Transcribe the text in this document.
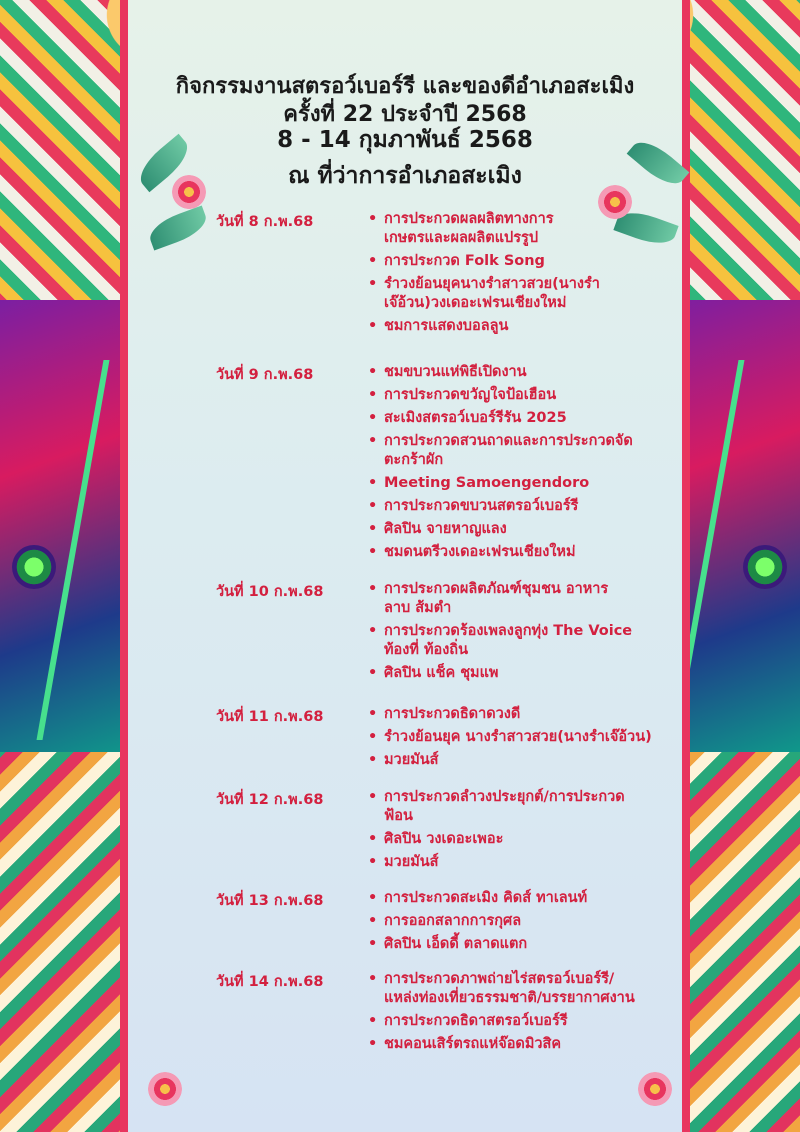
กิจกรรมงานสตรอว์เบอร์รี และของดีอำเภอสะเมิง
ครั้งที่ 22 ประจำปี 2568
8 - 14 กุมภาพันธ์ 2568
ณ ที่ว่าการอำเภอสะเมิง
วันที่ 8 ก.พ.68	• การประกวดผลผลิตทางการ
เกษตรและผลผลิตแปรรูป
• การประกวด Folk Song
• รำวงย้อนยุคนางรำสาวสวย(นางรำ
เจ๊อ้วน)วงเดอะเฟรนเชียงใหม่
• ชมการแสดงบอลลูน
วันที่ 9 ก.พ.68	• ชมขบวนแห่พิธีเปิดงาน
• การประกวดขวัญใจป้อเฮือน
• สะเมิงสตรอว์เบอร์รีรัน 2025
• การประกวดสวนถาดและการประกวดจัด
ตะกร้าผัก
• Meeting Samoengendoro
• การประกวดขบวนสตรอว์เบอร์รี
• ศิลปิน จายหาญแลง
• ชมดนตรีวงเดอะเฟรนเชียงใหม่
วันที่ 10 ก.พ.68	• การประกวดผลิตภัณฑ์ชุมชน อาหาร
ลาบ ส้มตำ
• การประกวดร้องเพลงลูกทุ่ง The Voice
ท้องที่ ท้องถิ่น
• ศิลปิน แช็ค ชุมแพ
วันที่ 11 ก.พ.68	• การประกวดธิดาดวงดี
• รำวงย้อนยุค นางรำสาวสวย(นางรำเจ๊อ้วน)
• มวยมันส์
วันที่ 12 ก.พ.68	• การประกวดลำวงประยุกต์/การประกวด
ฟ้อน
• ศิลปิน วงเดอะเพอะ
• มวยมันส์
วันที่ 13 ก.พ.68	• การประกวดสะเมิง คิดส์ ทาเลนท์
• การออกสลากการกุศล
• ศิลปิน เอ็ดดี้ ตลาดแตก
วันที่ 14 ก.พ.68	• การประกวดภาพถ่ายไร่สตรอว์เบอร์รี/
แหล่งท่องเที่ยวธรรมชาติ/บรรยากาศงาน
• การประกวดธิดาสตรอว์เบอร์รี
• ชมคอนเสิร์ตรถแห่จ๊อดมิวสิค
